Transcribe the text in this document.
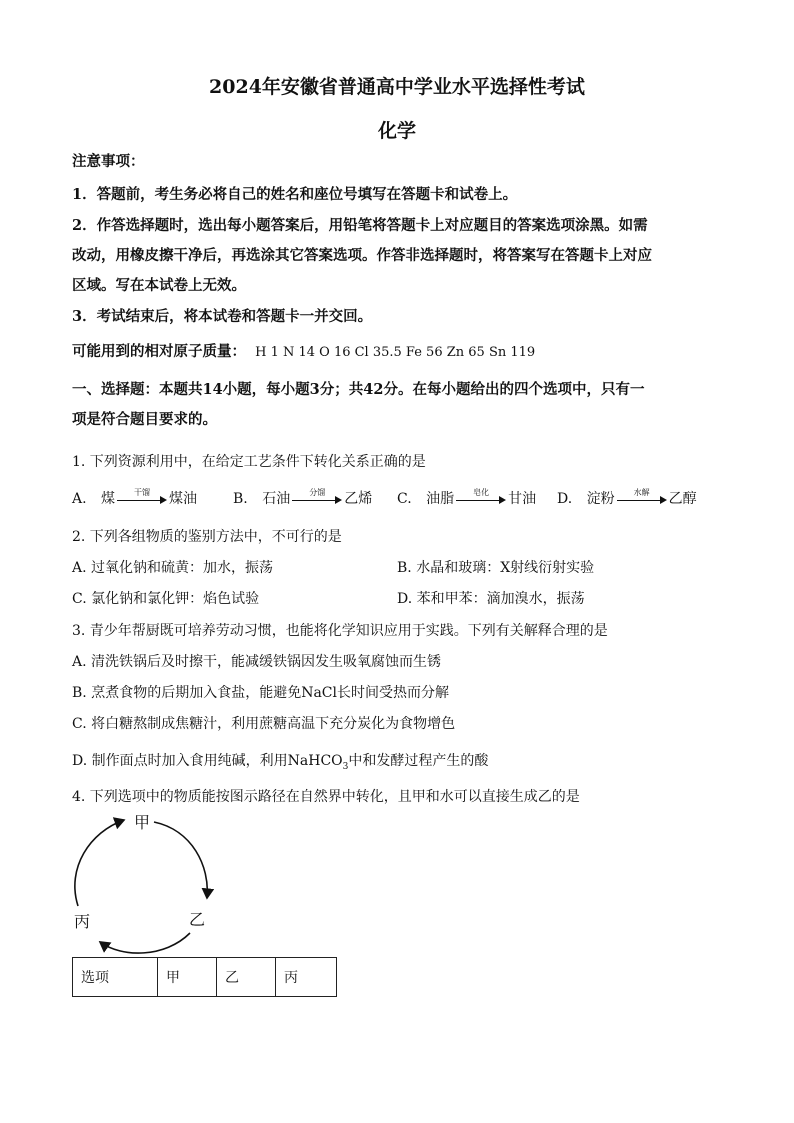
2024年安徽省普通高中学业水平选择性考试
化学
注意事项：
1．答题前，考生务必将自己的姓名和座位号填写在答题卡和试卷上。
2．作答选择题时，选出每小题答案后，用铅笔将答题卡上对应题目的答案选项涂黑。如需
改动，用橡皮擦干净后，再选涂其它答案选项。作答非选择题时，将答案写在答题卡上对应
区域。写在本试卷上无效。
3．考试结束后，将本试卷和答题卡一并交回。
可能用到的相对原子质量： H 1 N 14 O 16 Cl 35.5 Fe 56 Zn 65 Sn 119
一、选择题：本题共14小题，每小题3分；共42分。在每小题给出的四个选项中，只有一
项是符合题目要求的。
1. 下列资源利用中，在给定工艺条件下转化关系正确的是
A. 煤	干馏	煤油	B. 石油	分馏	乙烯 C. 油脂	皂化	甘油 D. 淀粉	水解	乙醇
2. 下列各组物质的鉴别方法中，不可行的是
A. 过氧化钠和硫黄：加水，振荡	B. 水晶和玻璃：X射线衍射实验
C. 氯化钠和氯化钾：焰色试验	D. 苯和甲苯：滴加溴水，振荡
3. 青少年帮厨既可培养劳动习惯，也能将化学知识应用于实践。下列有关解释合理的是
A. 清洗铁锅后及时擦干，能减缓铁锅因发生吸氧腐蚀而生锈
B. 烹煮食物的后期加入食盐，能避免NaCl长时间受热而分解
C. 将白糖熬制成焦糖汁，利用蔗糖高温下充分炭化为食物增色
D. 制作面点时加入食用纯碱，利用NaHCO$_3$中和发酵过程产生的酸
4. 下列选项中的物质能按图示路径在自然界中转化，且甲和水可以直接生成乙的是
甲
乙
丙
选项	甲	乙	丙
